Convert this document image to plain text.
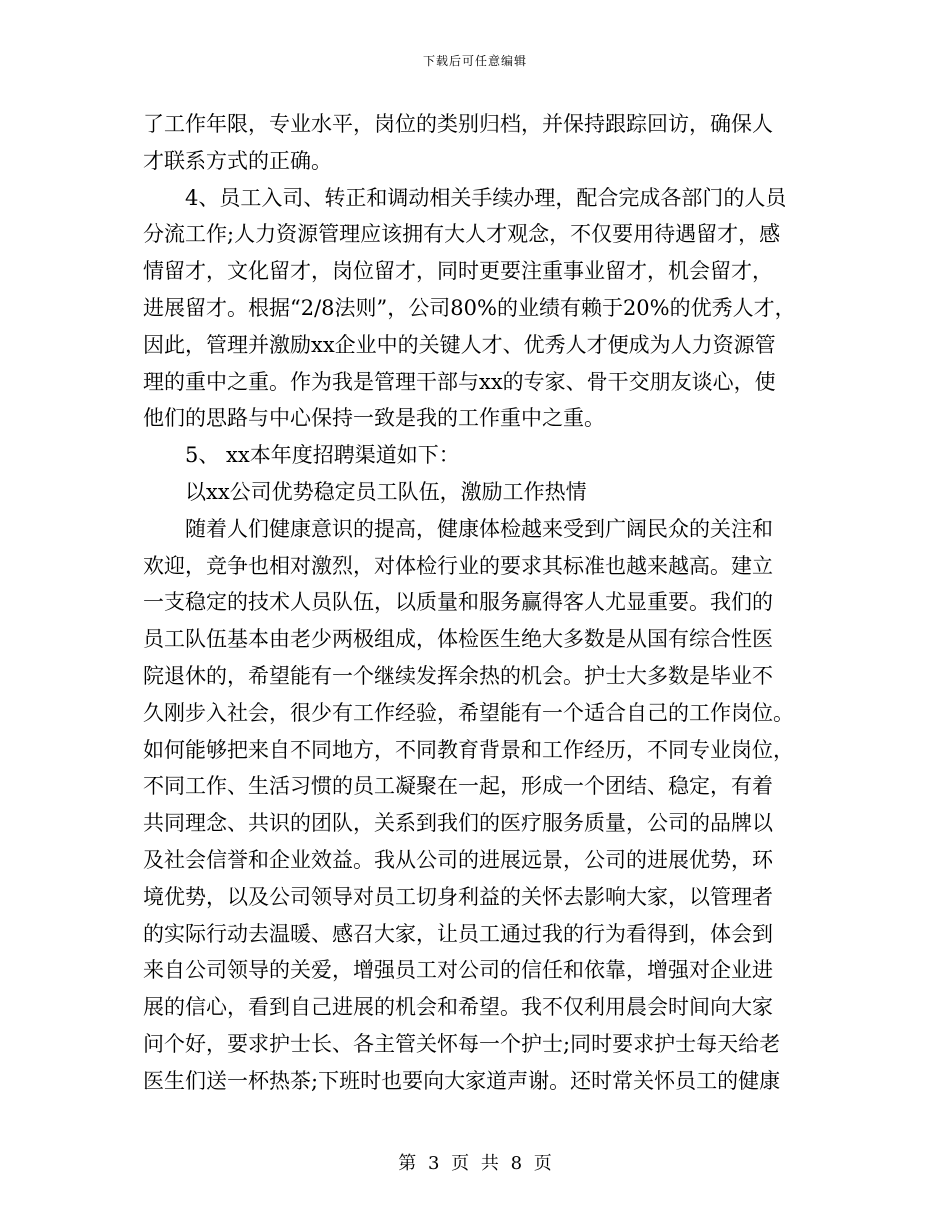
下载后可任意编辑
了工作年限，专业水平，岗位的类别归档，并保持跟踪回访，确保人
才联系方式的正确。
4、员工入司、转正和调动相关手续办理，配合完成各部门的人员
分流工作;人力资源管理应该拥有大人才观念，不仅要用待遇留才，感
情留才，文化留才，岗位留才，同时更要注重事业留才，机会留才，
进展留才。根据“2/8法则”，公司80%的业绩有赖于20%的优秀人才，
因此，管理并激励xx企业中的关键人才、优秀人才便成为人力资源管
理的重中之重。作为我是管理干部与xx的专家、骨干交朋友谈心，使
他们的思路与中心保持一致是我的工作重中之重。
5、 xx本年度招聘渠道如下：
以xx公司优势稳定员工队伍，激励工作热情
随着人们健康意识的提高，健康体检越来受到广阔民众的关注和
欢迎，竞争也相对激烈，对体检行业的要求其标准也越来越高。建立
一支稳定的技术人员队伍，以质量和服务赢得客人尤显重要。我们的
员工队伍基本由老少两极组成，体检医生绝大多数是从国有综合性医
院退休的，希望能有一个继续发挥余热的机会。护士大多数是毕业不
久刚步入社会，很少有工作经验，希望能有一个适合自己的工作岗位。
如何能够把来自不同地方，不同教育背景和工作经历，不同专业岗位，
不同工作、生活习惯的员工凝聚在一起，形成一个团结、稳定，有着
共同理念、共识的团队，关系到我们的医疗服务质量，公司的品牌以
及社会信誉和企业效益。我从公司的进展远景，公司的进展优势，环
境优势，以及公司领导对员工切身利益的关怀去影响大家，以管理者
的实际行动去温暖、感召大家，让员工通过我的行为看得到，体会到
来自公司领导的关爱，增强员工对公司的信任和依靠，增强对企业进
展的信心，看到自己进展的机会和希望。我不仅利用晨会时间向大家
问个好，要求护士长、各主管关怀每一个护士;同时要求护士每天给老
医生们送一杯热茶;下班时也要向大家道声谢。还时常关怀员工的健康
第 3 页 共 8 页
